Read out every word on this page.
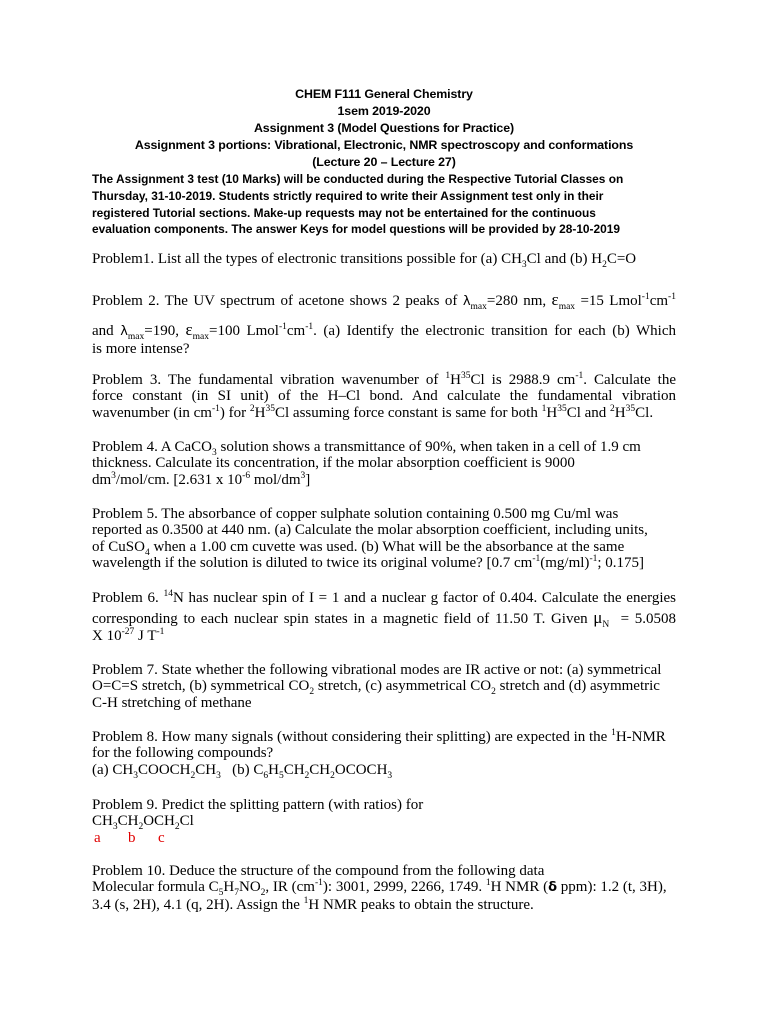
CHEM F111 General Chemistry
1sem 2019-2020
Assignment 3 (Model Questions for Practice)
Assignment 3 portions: Vibrational, Electronic, NMR spectroscopy and conformations
(Lecture 20 – Lecture 27)
The Assignment 3 test (10 Marks) will be conducted during the Respective Tutorial Classes on
Thursday, 31-10-2019. Students strictly required to write their Assignment test only in their
registered Tutorial sections. Make-up requests may not be entertained for the continuous
evaluation components. The answer Keys for model questions will be provided by 28-10-2019
Problem1. List all the types of electronic transitions possible for (a) $CH_3Cl$ and (b) $H_2C=O$
Problem 2. The UV spectrum of acetone shows 2 peaks of $\lambda_{max}=280$ nm, $\varepsilon_{max} =15$ $Lmol^{-1}cm^{-1}$
and $\lambda_{max}=190$, $\varepsilon_{max}=100$ $Lmol^{-1}cm^{-1}$. (a) Identify the electronic transition for each (b) Which
is more intense?
Problem 3. The fundamental vibration wavenumber of $^1H^{35}Cl$ is 2988.9 $cm^{-1}$. Calculate the
force constant (in SI unit) of the H–Cl bond. And calculate the fundamental vibration
wavenumber (in $cm^{-1}$) for $^2H^{35}Cl$ assuming force constant is same for both $^1H^{35}Cl$ and $^2H^{35}Cl$.
Problem 4. A CaCO$_3$ solution shows a transmittance of 90%, when taken in a cell of 1.9 cm
thickness. Calculate its concentration, if the molar absorption coefficient is 9000
$dm^3/mol/cm$. [2.631 x $10^{-6}$ mol/$dm^3$]
Problem 5. The absorbance of copper sulphate solution containing 0.500 mg Cu/ml was
reported as 0.3500 at 440 nm. (a) Calculate the molar absorption coefficient, including units,
of CuSO$_4$ when a 1.00 cm cuvette was used. (b) What will be the absorbance at the same
wavelength if the solution is diluted to twice its original volume? [0.7 $cm^{-1}(mg/ml)^{-1}$; 0.175]
Problem 6. $^{14}$N has nuclear spin of I = 1 and a nuclear g factor of 0.404. Calculate the energies
corresponding to each nuclear spin states in a magnetic field of 11.50 T. Given $\mu_N = 5.0508$
X $10^{-27}$ J $T^{-1}$
Problem 7. State whether the following vibrational modes are IR active or not: (a) symmetrical
O=C=S stretch, (b) symmetrical $CO_2$ stretch, (c) asymmetrical $CO_2$ stretch and (d) asymmetric
C-H stretching of methane
Problem 8. How many signals (without considering their splitting) are expected in the $^1$H-NMR
for the following compounds?
(a) $CH_3COOCH_2CH_3$   (b) $C_6H_5CH_2CH_2OCOCH_3$
Problem 9. Predict the splitting pattern (with ratios) for
$CH_3CH_2OCH_2Cl$
a b c
Problem 10. Deduce the structure of the compound from the following data
Molecular formula $C_5H_7NO_2$, IR $(cm^{-1})$: 3001, 2999, 2266, 1749. $^1$H NMR (δ ppm): 1.2 (t, 3H),
3.4 (s, 2H), 4.1 (q, 2H). Assign the $^1$H NMR peaks to obtain the structure.
